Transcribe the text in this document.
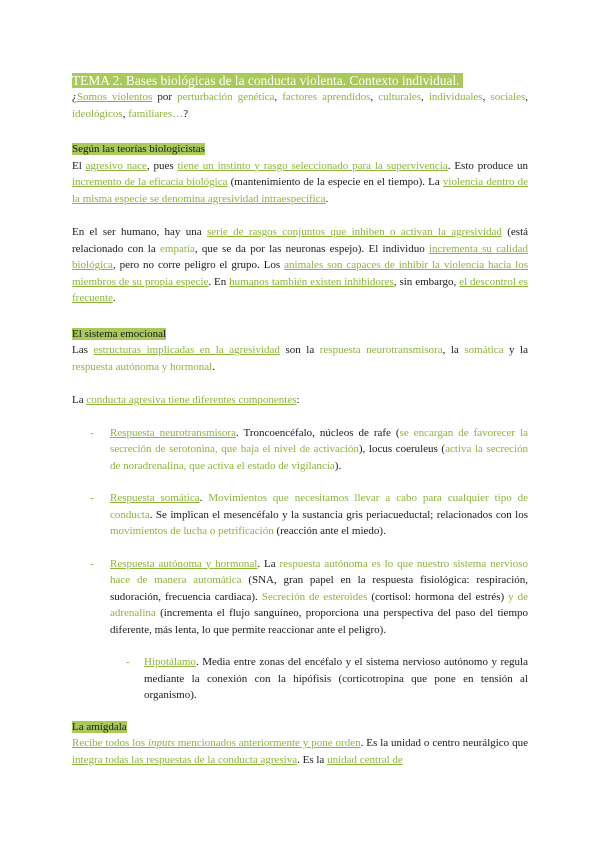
TEMA 2. Bases biológicas de la conducta violenta. Contexto individual.

¿Somos violentos por perturbación genética, factores aprendidos, culturales, individuales, sociales, ideológicos, familiares…?

Según las teorías biologicistas

El agresivo nace, pues tiene un instinto y rasgo seleccionado para la supervivencia. Esto produce un incremento de la eficacia biológica (mantenimiento de la especie en el tiempo). La violencia dentro de la misma especie se denomina agresividad intraespecífica.

En el ser humano, hay una serie de rasgos conjuntos que inhiben o activan la agresividad (está relacionado con la empatía, que se da por las neuronas espejo). El individuo incrementa su calidad biológica, pero no corre peligro el grupo. Los animales son capaces de inhibir la violencia hacia los miembros de su propia especie. En humanos también existen inhibidores, sin embargo, el descontrol es frecuente.

El sistema emocional

Las estructuras implicadas en la agresividad son la respuesta neurotransmisora, la somática y la respuesta autónoma y hormonal.

La conducta agresiva tiene diferentes componentes:

- Respuesta neurotransmisora. Troncoencéfalo, núcleos de rafe (se encargan de favorecer la secreción de serotonina, que baja el nivel de activación), locus coeruleus (activa la secreción de noradrenalina, que activa el estado de vigilancia).
- Respuesta somática. Movimientos que necesitamos llevar a cabo para cualquier tipo de conducta. Se implican el mesencéfalo y la sustancia gris periacueductal; relacionados con los movimientos de lucha o petrificación (reacción ante el miedo).
- Respuesta autónoma y hormonal. La respuesta autónoma es lo que nuestro sistema nervioso hace de manera automática (SNA, gran papel en la respuesta fisiológica: respiración, sudoración, frecuencia cardiaca). Secreción de esteroides (cortisol: hormona del estrés) y de adrenalina (incrementa el flujo sanguíneo, proporciona una perspectiva del paso del tiempo diferente, más lenta, lo que permite reaccionar ante el peligro).
- Hipotálamo. Media entre zonas del encéfalo y el sistema nervioso autónomo y regula mediante la conexión con la hipófisis (corticotropina que pone en tensión al organismo).

La amígdala

Recibe todos los inputs mencionados anteriormente y pone orden. Es la unidad o centro neurálgico que integra todas las respuestas de la conducta agresiva. Es la unidad central de
